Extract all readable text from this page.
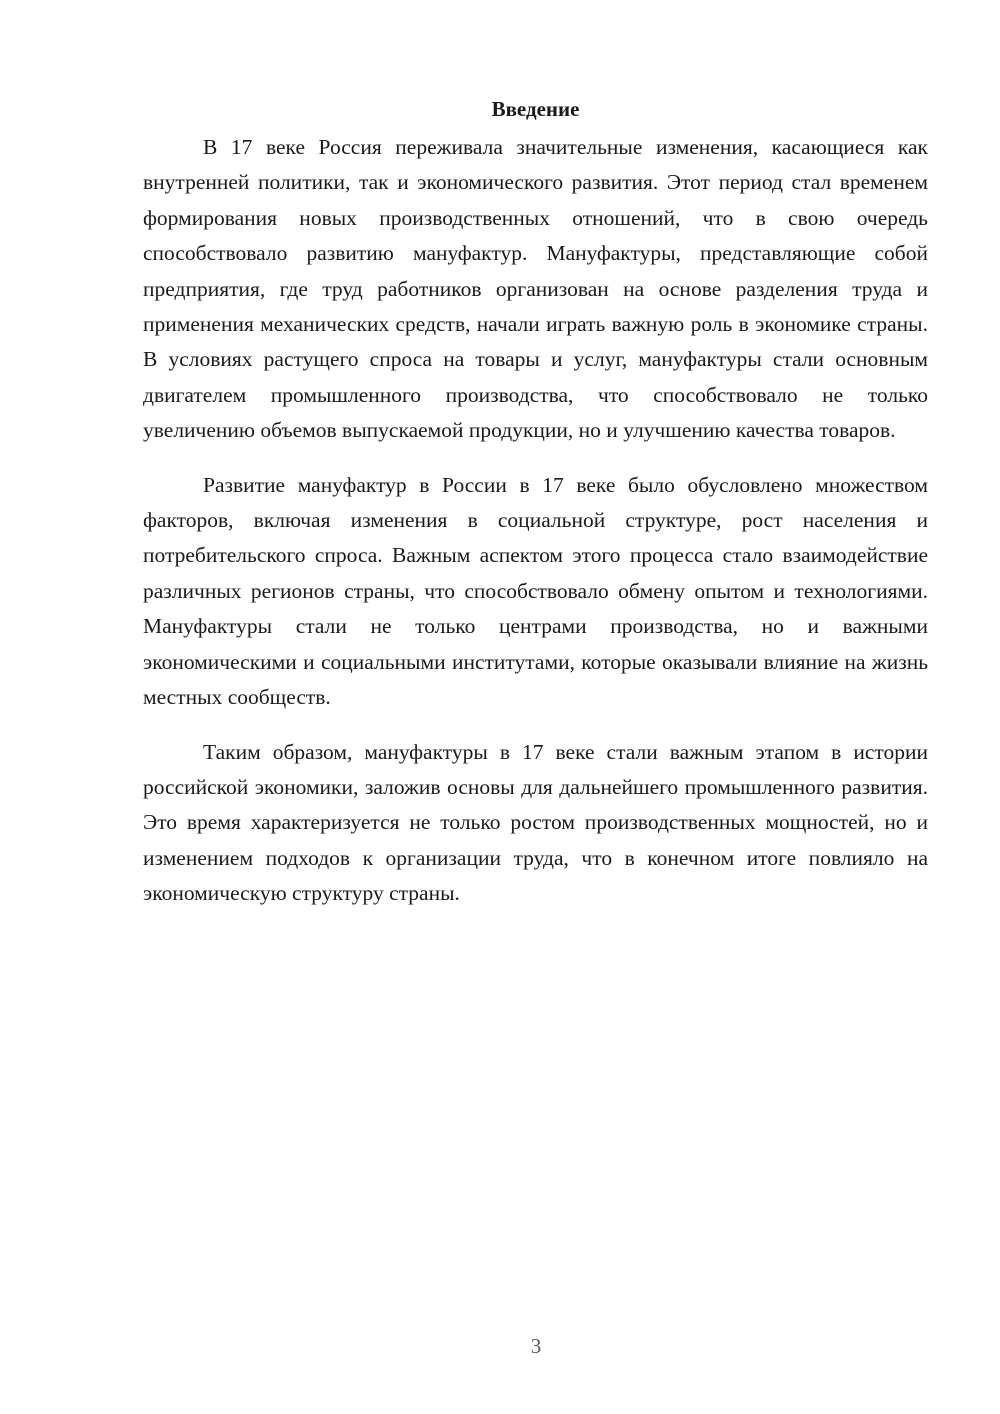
Введение

В 17 веке Россия переживала значительные изменения, касающиеся как внутренней политики, так и экономического развития. Этот период стал временем формирования новых производственных отношений, что в свою очередь способствовало развитию мануфактур. Мануфактуры, представляющие собой предприятия, где труд работников организован на основе разделения труда и применения механических средств, начали играть важную роль в экономике страны. В условиях растущего спроса на товары и услуг, мануфактуры стали основным двигателем промышленного производства, что способствовало не только увеличению объемов выпускаемой продукции, но и улучшению качества товаров.

Развитие мануфактур в России в 17 веке было обусловлено множеством факторов, включая изменения в социальной структуре, рост населения и потребительского спроса. Важным аспектом этого процесса стало взаимодействие различных регионов страны, что способствовало обмену опытом и технологиями. Мануфактуры стали не только центрами производства, но и важными экономическими и социальными институтами, которые оказывали влияние на жизнь местных сообществ.

Таким образом, мануфактуры в 17 веке стали важным этапом в истории российской экономики, заложив основы для дальнейшего промышленного развития. Это время характеризуется не только ростом производственных мощностей, но и изменением подходов к организации труда, что в конечном итоге повлияло на экономическую структуру страны.

3
